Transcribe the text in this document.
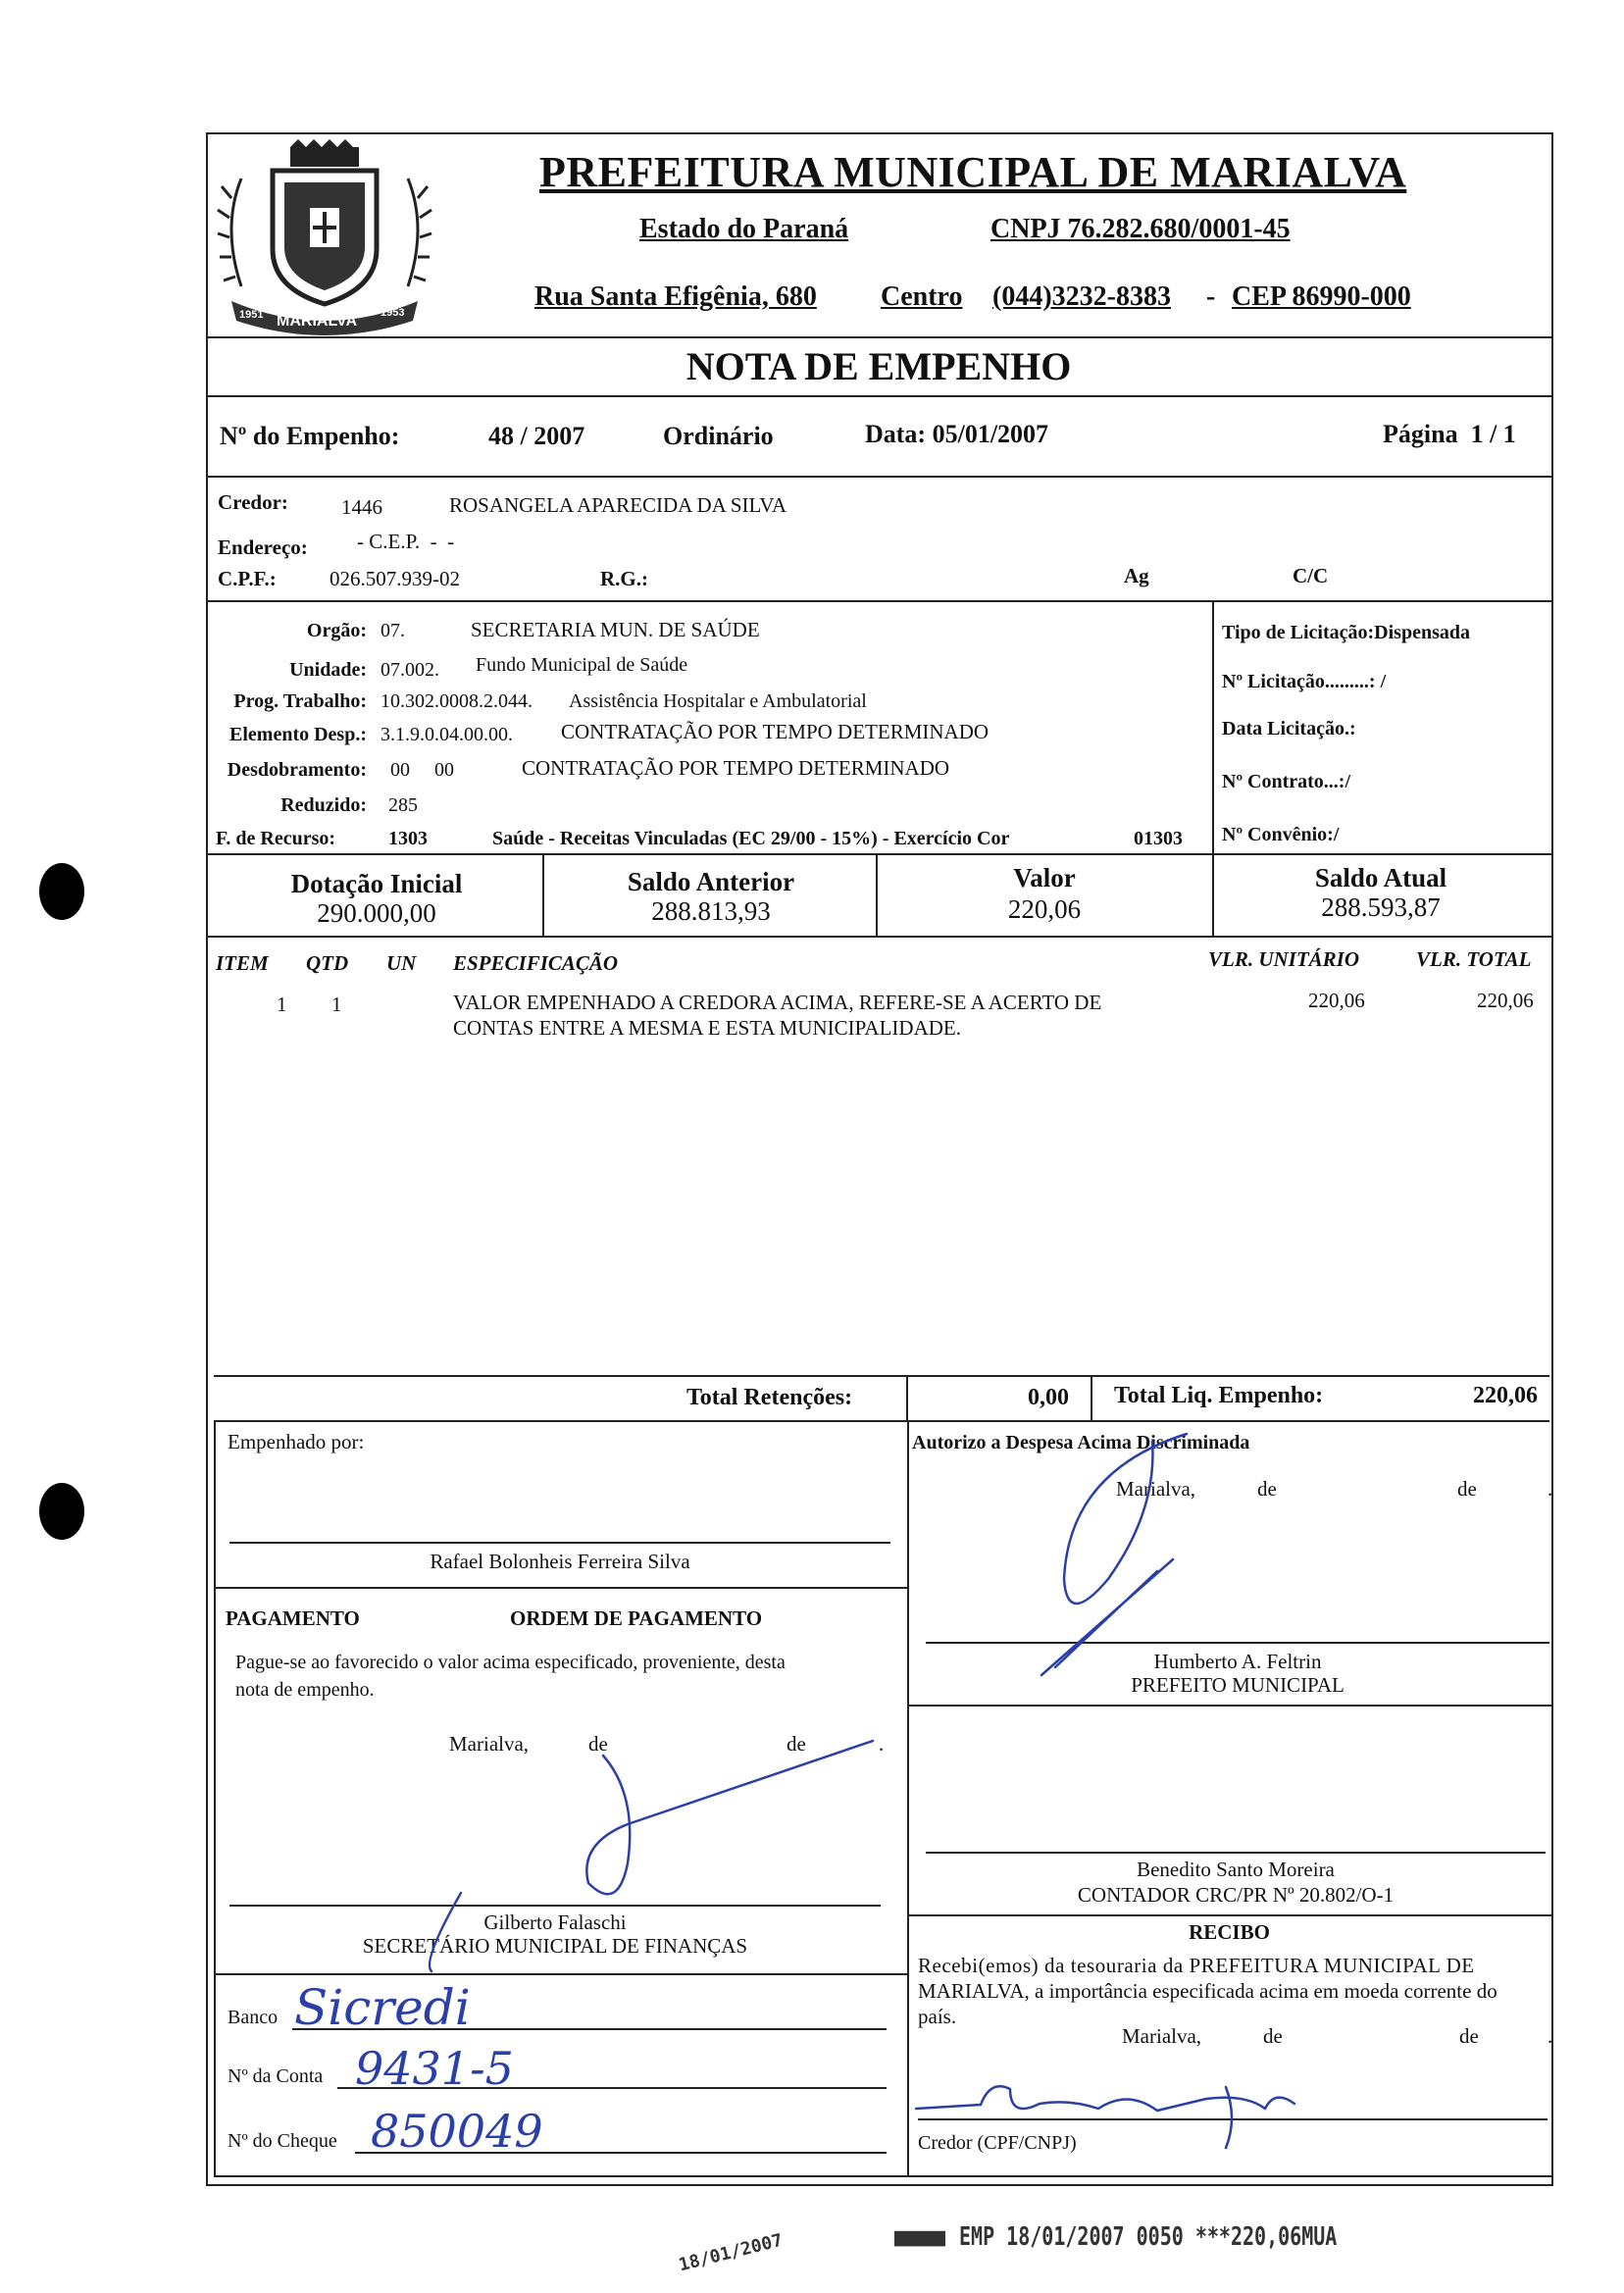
MARIALVA
1951	1953
PREFEITURA MUNICIPAL DE MARIALVA
Estado do Paraná	CNPJ 76.282.680/0001-45
Rua Santa Efigênia, 680 Centro (044)3232-8383 - CEP 86990-000
NOTA DE EMPENHO
Nº do Empenho:	48 / 2007	Ordinário	Data: 05/01/2007	Página  1 / 1
Credor:	1446	ROSANGELA APARECIDA DA SILVA
Endereço: - C.E.P.  -  -
C.P.F.:	026.507.939-02	R.G.:	Ag	C/C
Orgão: 07.	SECRETARIA MUN. DE SAÚDE
Unidade: 07.002. Fundo Municipal de Saúde
Prog. Trabalho: 10.302.0008.2.044. Assistência Hospitalar e Ambulatorial
Elemento Desp.: 3.1.9.0.04.00.00. CONTRATAÇÃO POR TEMPO DETERMINADO
Desdobramento: 00     00	CONTRATAÇÃO POR TEMPO DETERMINADO
Reduzido: 285
F. de Recurso:	1303	Saúde - Receitas Vinculadas (EC 29/00 - 15%) - Exercício Cor	01303
Tipo de Licitação:Dispensada
Nº Licitação.........: /
Data Licitação.:
Nº Contrato...:/
Nº Convênio:/
Dotação Inicial
290.000,00
Saldo Anterior
288.813,93
Valor
220,06
Saldo Atual
288.593,87
ITEM QTD UN ESPECIFICAÇÃO	VLR. UNITÁRIO	VLR. TOTAL
1 1	VALOR EMPENHADO A CREDORA ACIMA, REFERE-SE A ACERTO DE
CONTAS ENTRE A MESMA E ESTA MUNICIPALIDADE.
220,06	220,06
Total Retenções:	0,00 Total Liq. Empenho:	220,06
Empenhado por:
Rafael Bolonheis Ferreira Silva
PAGAMENTO	ORDEM DE PAGAMENTO
Pague-se ao favorecido o valor acima especificado, proveniente, desta
nota de empenho.
Marialva,	de	de	.
Gilberto Falaschi
SECRETÁRIO MUNICIPAL DE FINANÇAS
Banco Sicredi
Nº da Conta 9431-5
Nº do Cheque 850049
Autorizo a Despesa Acima Discriminada
Marialva,	de	de	.
Humberto A. Feltrin
PREFEITO MUNICIPAL
Benedito Santo Moreira
CONTADOR CRC/PR Nº 20.802/O-1
RECIBO
Recebi(emos) da tesouraria da PREFEITURA MUNICIPAL DE
MARIALVA, a importância especificada acima em moeda corrente do
país.
Marialva,	de	de	.
Credor (CPF/CNPJ)
EMP 18/01/2007 0050 ***220,06MUA
18/01/2007
